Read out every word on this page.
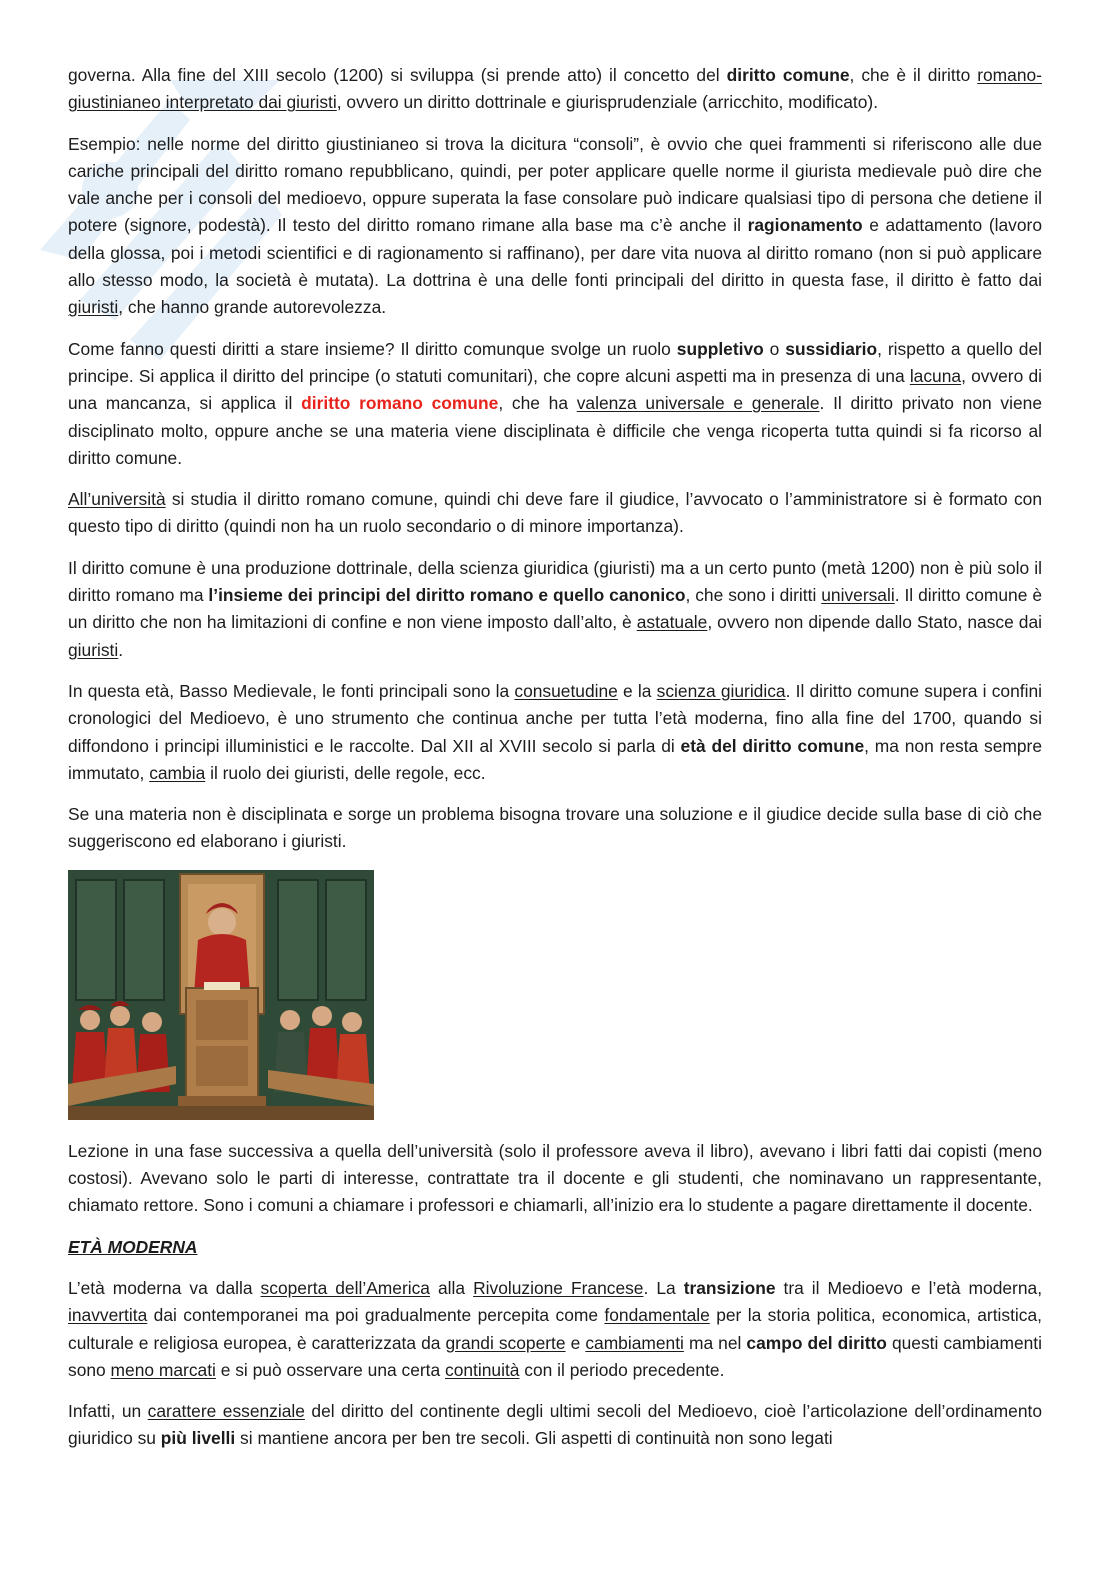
governa. Alla fine del XIII secolo (1200) si sviluppa (si prende atto) il concetto del diritto comune, che è il diritto romano-giustinianeo interpretato dai giuristi, ovvero un diritto dottrinale e giurisprudenziale (arricchito, modificato).

Esempio: nelle norme del diritto giustinianeo si trova la dicitura “consoli”, è ovvio che quei frammenti si riferiscono alle due cariche principali del diritto romano repubblicano, quindi, per poter applicare quelle norme il giurista medievale può dire che vale anche per i consoli del medioevo, oppure superata la fase consolare può indicare qualsiasi tipo di persona che detiene il potere (signore, podestà). Il testo del diritto romano rimane alla base ma c’è anche il ragionamento e adattamento (lavoro della glossa, poi i metodi scientifici e di ragionamento si raffinano), per dare vita nuova al diritto romano (non si può applicare allo stesso modo, la società è mutata). La dottrina è una delle fonti principali del diritto in questa fase, il diritto è fatto dai giuristi, che hanno grande autorevolezza.

Come fanno questi diritti a stare insieme? Il diritto comunque svolge un ruolo suppletivo o sussidiario, rispetto a quello del principe. Si applica il diritto del principe (o statuti comunitari), che copre alcuni aspetti ma in presenza di una lacuna, ovvero di una mancanza, si applica il diritto romano comune, che ha valenza universale e generale. Il diritto privato non viene disciplinato molto, oppure anche se una materia viene disciplinata è difficile che venga ricoperta tutta quindi si fa ricorso al diritto comune.

All’università si studia il diritto romano comune, quindi chi deve fare il giudice, l’avvocato o l’amministratore si è formato con questo tipo di diritto (quindi non ha un ruolo secondario o di minore importanza).

Il diritto comune è una produzione dottrinale, della scienza giuridica (giuristi) ma a un certo punto (metà 1200) non è più solo il diritto romano ma l’insieme dei principi del diritto romano e quello canonico, che sono i diritti universali. Il diritto comune è un diritto che non ha limitazioni di confine e non viene imposto dall’alto, è astatuale, ovvero non dipende dallo Stato, nasce dai giuristi.

In questa età, Basso Medievale, le fonti principali sono la consuetudine e la scienza giuridica. Il diritto comune supera i confini cronologici del Medioevo, è uno strumento che continua anche per tutta l’età moderna, fino alla fine del 1700, quando si diffondono i principi illuministici e le raccolte. Dal XII al XVIII secolo si parla di età del diritto comune, ma non resta sempre immutato, cambia il ruolo dei giuristi, delle regole, ecc.

Se una materia non è disciplinata e sorge un problema bisogna trovare una soluzione e il giudice decide sulla base di ciò che suggeriscono ed elaborano i giuristi.

Lezione in una fase successiva a quella dell’università (solo il professore aveva il libro), avevano i libri fatti dai copisti (meno costosi). Avevano solo le parti di interesse, contrattate tra il docente e gli studenti, che nominavano un rappresentante, chiamato rettore. Sono i comuni a chiamare i professori e chiamarli, all’inizio era lo studente a pagare direttamente il docente.

ETÀ MODERNA

L’età moderna va dalla scoperta dell’America alla Rivoluzione Francese. La transizione tra il Medioevo e l’età moderna, inavvertita dai contemporanei ma poi gradualmente percepita come fondamentale per la storia politica, economica, artistica, culturale e religiosa europea, è caratterizzata da grandi scoperte e cambiamenti ma nel campo del diritto questi cambiamenti sono meno marcati e si può osservare una certa continuità con il periodo precedente.

Infatti, un carattere essenziale del diritto del continente degli ultimi secoli del Medioevo, cioè l’articolazione dell’ordinamento giuridico su più livelli si mantiene ancora per ben tre secoli. Gli aspetti di continuità non sono legati
